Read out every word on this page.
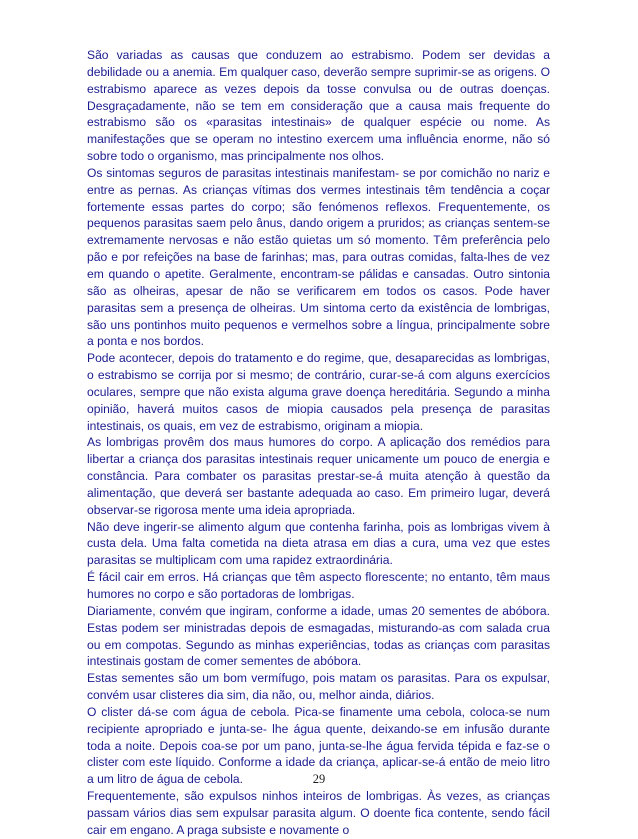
São variadas as causas que conduzem ao estrabismo. Podem ser devidas a debilidade ou a anemia. Em qualquer caso, deverão sempre suprimir-se as origens. O estrabismo aparece as vezes depois da tosse convulsa ou de outras doenças. Desgraçadamente, não se tem em consideração que a causa mais frequente do estrabismo são os «parasitas intestinais» de qualquer espécie ou nome. As manifestações que se operam no intestino exercem uma influência enorme, não só sobre todo o organismo, mas principalmente nos olhos.

Os sintomas seguros de parasitas intestinais manifestam- se por comichão no nariz e entre as pernas. As crianças vítimas dos vermes intestinais têm tendência a coçar fortemente essas partes do corpo; são fenómenos reflexos. Frequentemente, os pequenos parasitas saem pelo ânus, dando origem a pruridos; as crianças sentem-se extremamente nervosas e não estão quietas um só momento. Têm preferência pelo pão e por refeições na base de farinhas; mas, para outras comidas, falta-lhes de vez em quando o apetite. Geralmente, encontram-se pálidas e cansadas. Outro sintonia são as olheiras, apesar de não se verificarem em todos os casos. Pode haver parasitas sem a presença de olheiras. Um sintoma certo da existência de lombrigas, são uns pontinhos muito pequenos e vermelhos sobre a língua, principalmente sobre a ponta e nos bordos.

Pode acontecer, depois do tratamento e do regime, que, desaparecidas as lombrigas, o estrabismo se corrija por si mesmo; de contrário, curar-se-á com alguns exercícios oculares, sempre que não exista alguma grave doença hereditária. Segundo a minha opinião, haverá muitos casos de miopia causados pela presença de parasitas intestinais, os quais, em vez de estrabismo, originam a miopia.

As lombrigas provêm dos maus humores do corpo. A aplicação dos remédios para libertar a criança dos parasitas intestinais requer unicamente um pouco de energia e constância. Para combater os parasitas prestar-se-á muita atenção à questão da alimentação, que deverá ser bastante adequada ao caso. Em primeiro lugar, deverá observar-se rigorosa mente uma ideia apropriada.

Não deve ingerir-se alimento algum que contenha farinha, pois as lombrigas vivem à custa dela. Uma falta cometida na dieta atrasa em dias a cura, uma vez que estes parasitas se multiplicam com uma rapidez extraordinária.

É fácil cair em erros. Há crianças que têm aspecto florescente; no entanto, têm maus humores no corpo e são portadoras de lombrigas.

Diariamente, convém que ingiram, conforme a idade, umas 20 sementes de abóbora. Estas podem ser ministradas depois de esmagadas, misturando-as com salada crua ou em compotas. Segundo as minhas experiências, todas as crianças com parasitas intestinais gostam de comer sementes de abóbora.

Estas sementes são um bom vermífugo, pois matam os parasitas. Para os expulsar, convém usar clisteres dia sim, dia não, ou, melhor ainda, diários.

O clister dá-se com água de cebola. Pica-se finamente uma cebola, coloca-se num recipiente apropriado e junta-se- lhe água quente, deixando-se em infusão durante toda a noite. Depois coa-se por um pano, junta-se-lhe água fervida tépida e faz-se o clister com este líquido. Conforme a idade da criança, aplicar-se-á então de meio litro a um litro de água de cebola.

Frequentemente, são expulsos ninhos inteiros de lombrigas. Às vezes, as crianças passam vários dias sem expulsar parasita algum. O doente fica contente, sendo fácil cair em engano. A praga subsiste e novamente o

29
